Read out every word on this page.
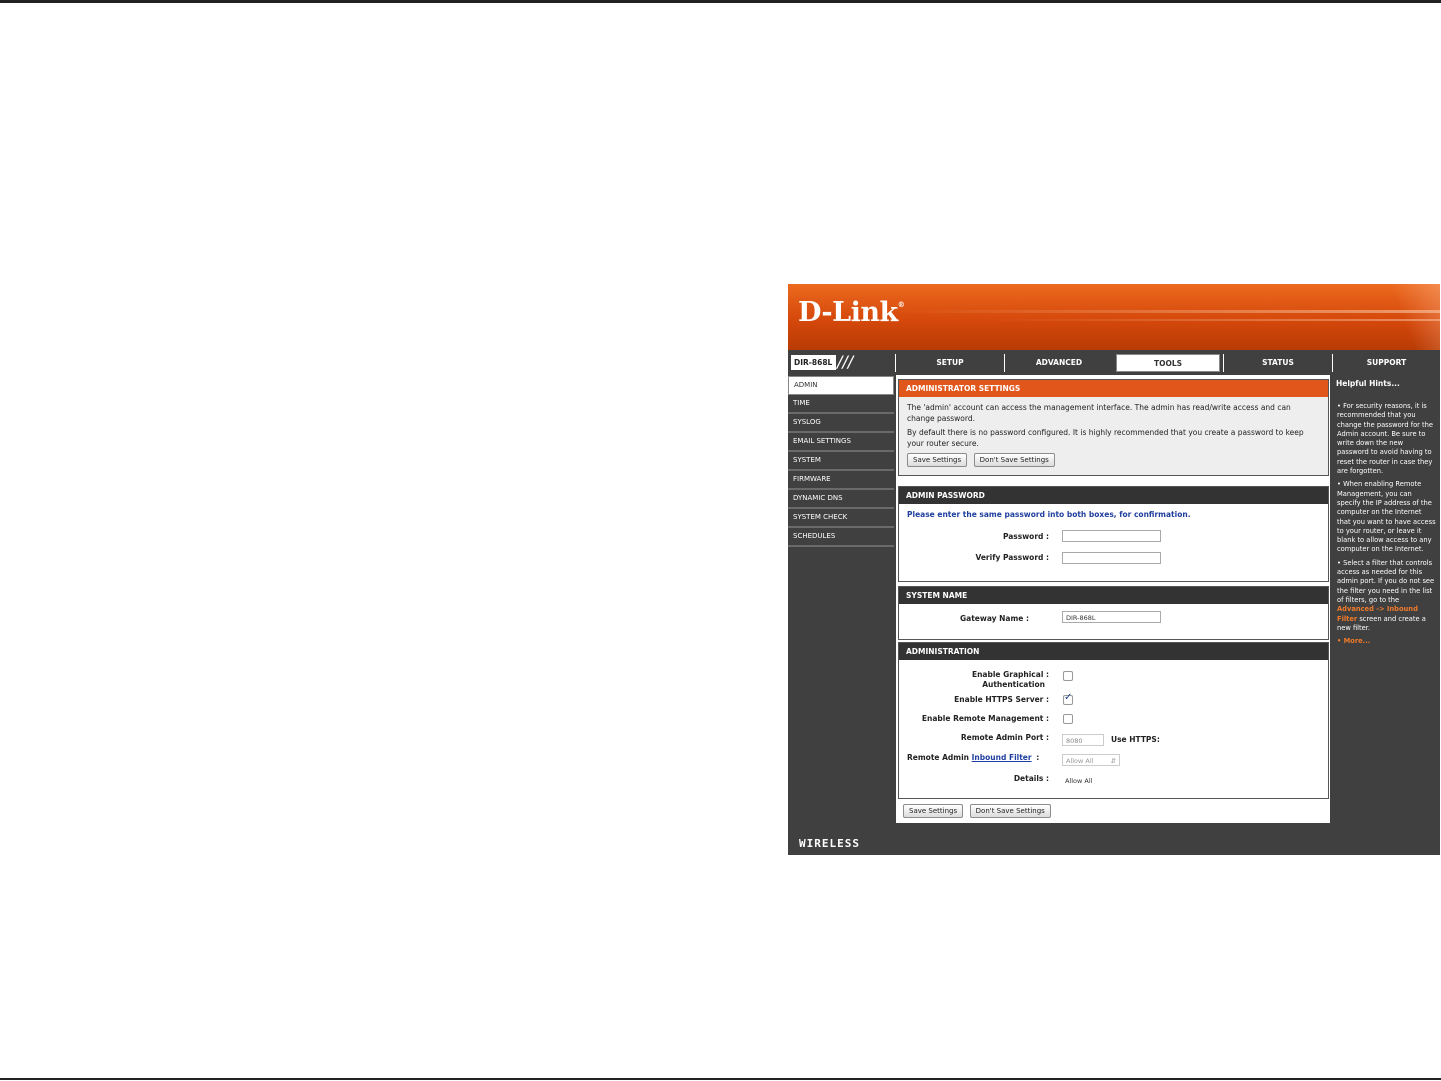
D-Link®
DIR-868L ///	SETUP	ADVANCED	TOOLS	STATUS	SUPPORT
ADMIN
TIME
SYSLOG
EMAIL SETTINGS
SYSTEM
FIRMWARE
DYNAMIC DNS
SYSTEM CHECK
SCHEDULES
ADMINISTRATOR SETTINGS

The 'admin' account can access the management interface. The admin has read/write access and can change password.

By default there is no password configured. It is highly recommended that you create a password to keep your router secure.

Save Settings	Don't Save Settings
ADMIN PASSWORD
Please enter the same password into both boxes, for confirmation.
Password :
Verify Password :
SYSTEM NAME
Gateway Name :	DIR-868L
ADMINISTRATION
Enable Graphical :
Authentication
Enable HTTPS Server :
✓
Enable Remote Management :
Remote Admin Port :	8080	Use HTTPS:
Remote Admin Inbound Filter :	Allow All	⇵
Details : Allow All
Save Settings	Don't Save Settings
Helpful Hints...
• For security reasons, it is recommended that you change the password for the Admin account. Be sure to write down the new password to avoid having to reset the router in case they are forgotten.
• When enabling Remote Management, you can specify the IP address of the computer on the Internet that you want to have access to your router, or leave it blank to allow access to any computer on the Internet.
• Select a filter that controls access as needed for this admin port. If you do not see the filter you need in the list of filters, go to the Advanced -> Inbound Filter screen and create a new filter.
• More...
WIRELESS
